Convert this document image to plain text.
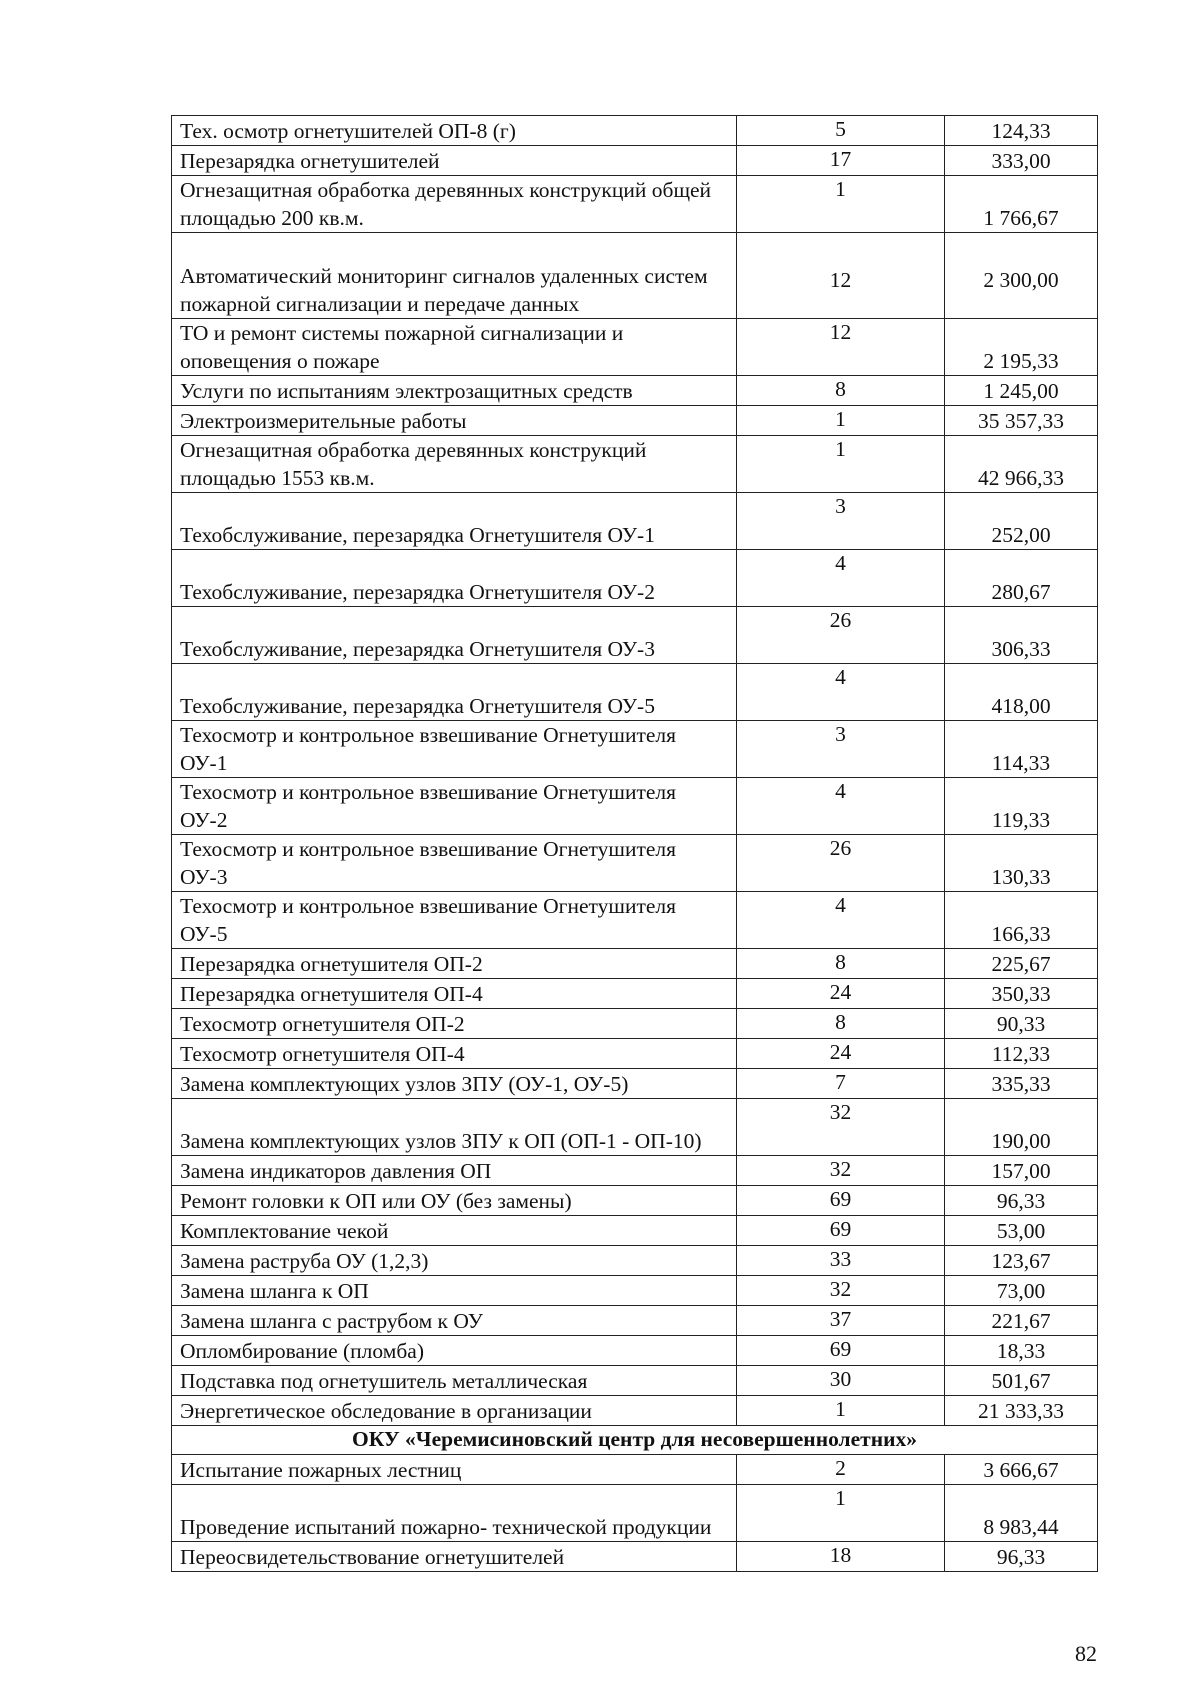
Тех. осмотр огнетушителей ОП-8 (г)	5	124,33
Перезарядка огнетушителей	17	333,00
Огнезащитная обработка деревянных конструкций общей площадью 200 кв.м.	1	1 766,67
Автоматический мониторинг сигналов удаленных систем пожарной сигнализации и передаче данных	12	2 300,00
ТО и ремонт системы пожарной сигнализации и оповещения о пожаре	12	2 195,33
Услуги по испытаниям электрозащитных средств	8	1 245,00
Электроизмерительные работы	1	35 357,33
Огнезащитная обработка деревянных конструкций площадью 1553 кв.м.	1	42 966,33
Техобслуживание, перезарядка Огнетушителя ОУ-1	3	252,00
Техобслуживание, перезарядка Огнетушителя ОУ-2	4	280,67
Техобслуживание, перезарядка Огнетушителя ОУ-3	26	306,33
Техобслуживание, перезарядка Огнетушителя ОУ-5	4	418,00
Техосмотр и контрольное взвешивание Огнетушителя ОУ-1	3	114,33
Техосмотр и контрольное взвешивание Огнетушителя ОУ-2	4	119,33
Техосмотр и контрольное взвешивание Огнетушителя ОУ-3	26	130,33
Техосмотр и контрольное взвешивание Огнетушителя ОУ-5	4	166,33
Перезарядка огнетушителя ОП-2	8	225,67
Перезарядка огнетушителя ОП-4	24	350,33
Техосмотр огнетушителя ОП-2	8	90,33
Техосмотр огнетушителя ОП-4	24	112,33
Замена комплектующих узлов ЗПУ (ОУ-1, ОУ-5)	7	335,33
Замена комплектующих узлов ЗПУ к ОП (ОП-1 - ОП-10)	32	190,00
Замена индикаторов давления ОП	32	157,00
Ремонт головки к ОП или ОУ (без замены)	69	96,33
Комплектование чекой	69	53,00
Замена раструба ОУ (1,2,3)	33	123,67
Замена шланга к ОП	32	73,00
Замена шланга с раструбом к ОУ	37	221,67
Опломбирование (пломба)	69	18,33
Подставка под огнетушитель металлическая	30	501,67
Энергетическое обследование в организации	1	21 333,33
ОКУ «Черемисиновский центр для несовершеннолетних»		
Испытание пожарных лестниц	2	3 666,67
Проведение испытаний пожарно- технической продукции	1	8 983,44
Переосвидетельствование огнетушителей	18	96,33
82
